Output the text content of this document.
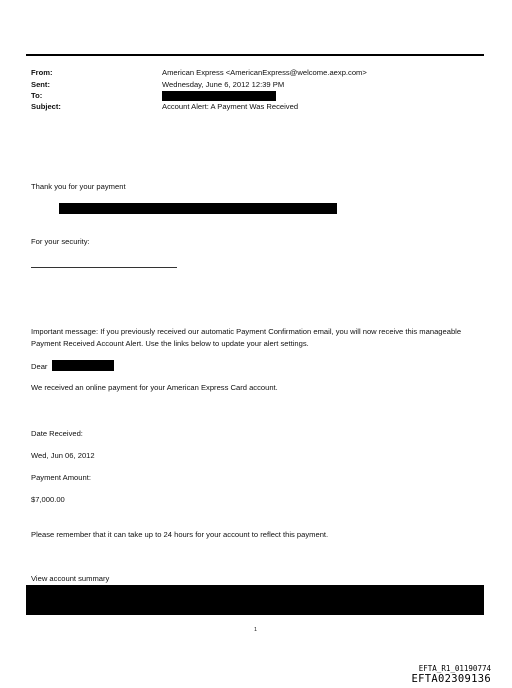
From:	American Express <AmericanExpress@welcome.aexp.com>
Sent:	Wednesday, June 6, 2012 12:39 PM
To:
Subject:	Account Alert: A Payment Was Received
Thank you for your payment
For your security:
Important message: If you previously received our automatic Payment Confirmation email, you will now receive this manageable Payment Received Account Alert. Use the links below to update your alert settings.
Dear
We received an online payment for your American Express Card account.
Date Received:
Wed, Jun 06, 2012
Payment Amount:
$7,000.00
Please remember that it can take up to 24 hours for your account to reflect this payment.
View account summary
1
EFTA_R1_01190774
EFTA02309136
